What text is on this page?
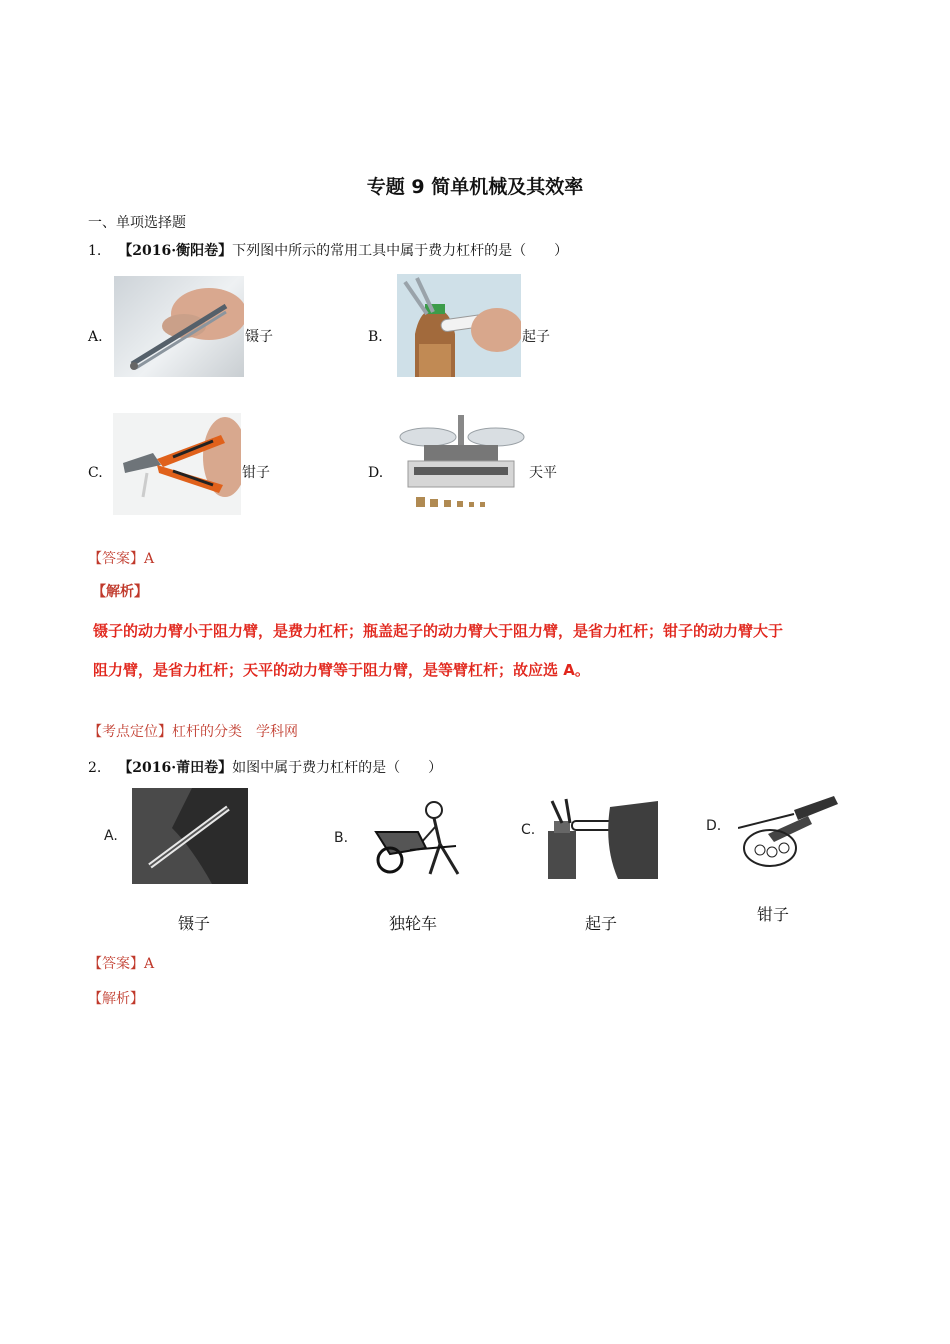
专题 9 简单机械及其效率
一、单项选择题
1. 【2016·衡阳卷】下列图中所示的常用工具中属于费力杠杆的是（　　）
A.	镊子	B.	起子
C.	钳子	D.	天平
【答案】A
【解析】
镊子的动力臂小于阻力臂，是费力杠杆；瓶盖起子的动力臂大于阻力臂，是省力杠杆；钳子的动力臂大于
阻力臂，是省力杠杆；天平的动力臂等于阻力臂，是等臂杠杆；故应选 A。
【考点定位】杠杆的分类　学科网
2. 【2016·莆田卷】如图中属于费力杠杆的是（　　）
A.
镊子
B.
独轮车
C.
起子
D.
钳子
【答案】A
【解析】
